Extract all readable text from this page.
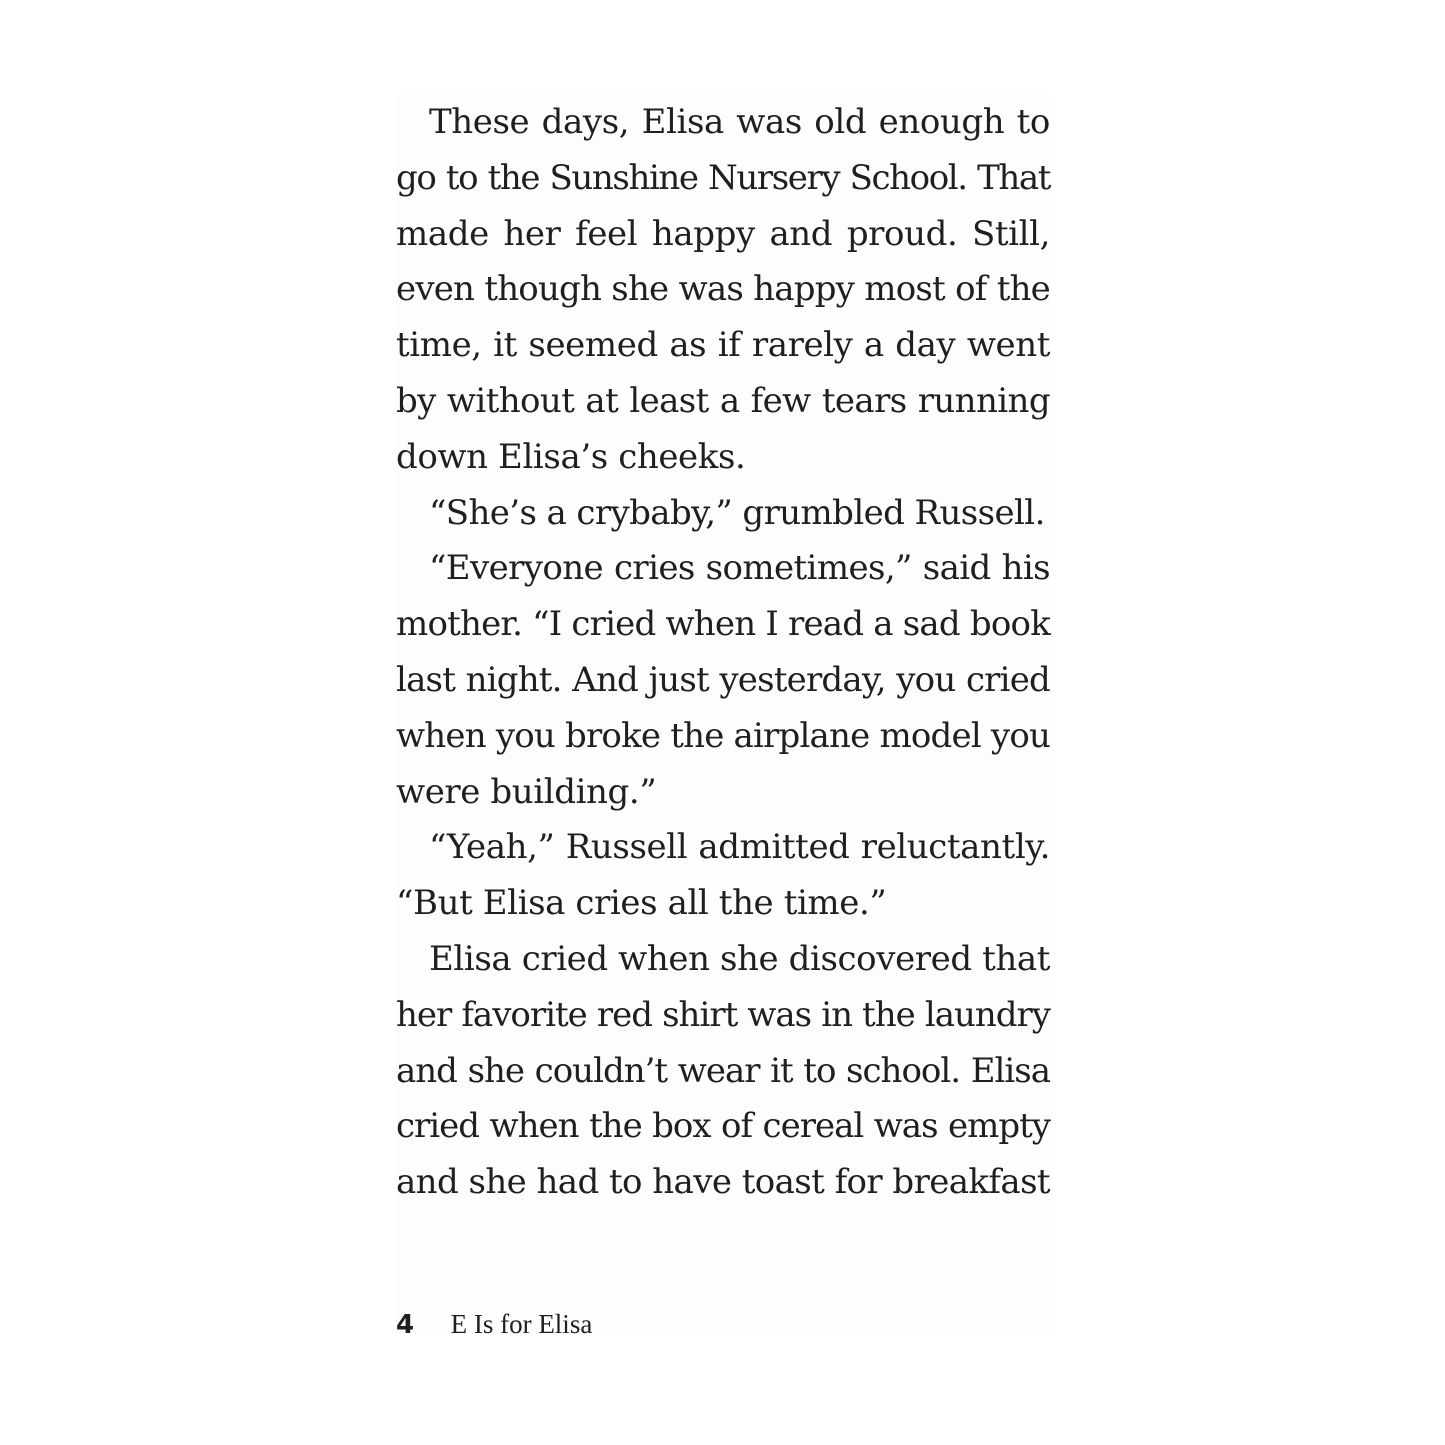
These days, Elisa was old enough to
go to the Sunshine Nursery School. That
made her feel happy and proud. Still,
even though she was happy most of the
time, it seemed as if rarely a day went
by without at least a few tears running
down Elisa’s cheeks.
“She’s a crybaby,” grumbled Russell.
“Everyone cries sometimes,” said his
mother. “I cried when I read a sad book
last night. And just yesterday, you cried
when you broke the airplane model you
were building.”
“Yeah,” Russell admitted reluctantly.
“But Elisa cries all the time.”
Elisa cried when she discovered that
her favorite red shirt was in the laundry
and she couldn’t wear it to school. Elisa
cried when the box of cereal was empty
and she had to have toast for breakfast
4 E Is for Elisa
